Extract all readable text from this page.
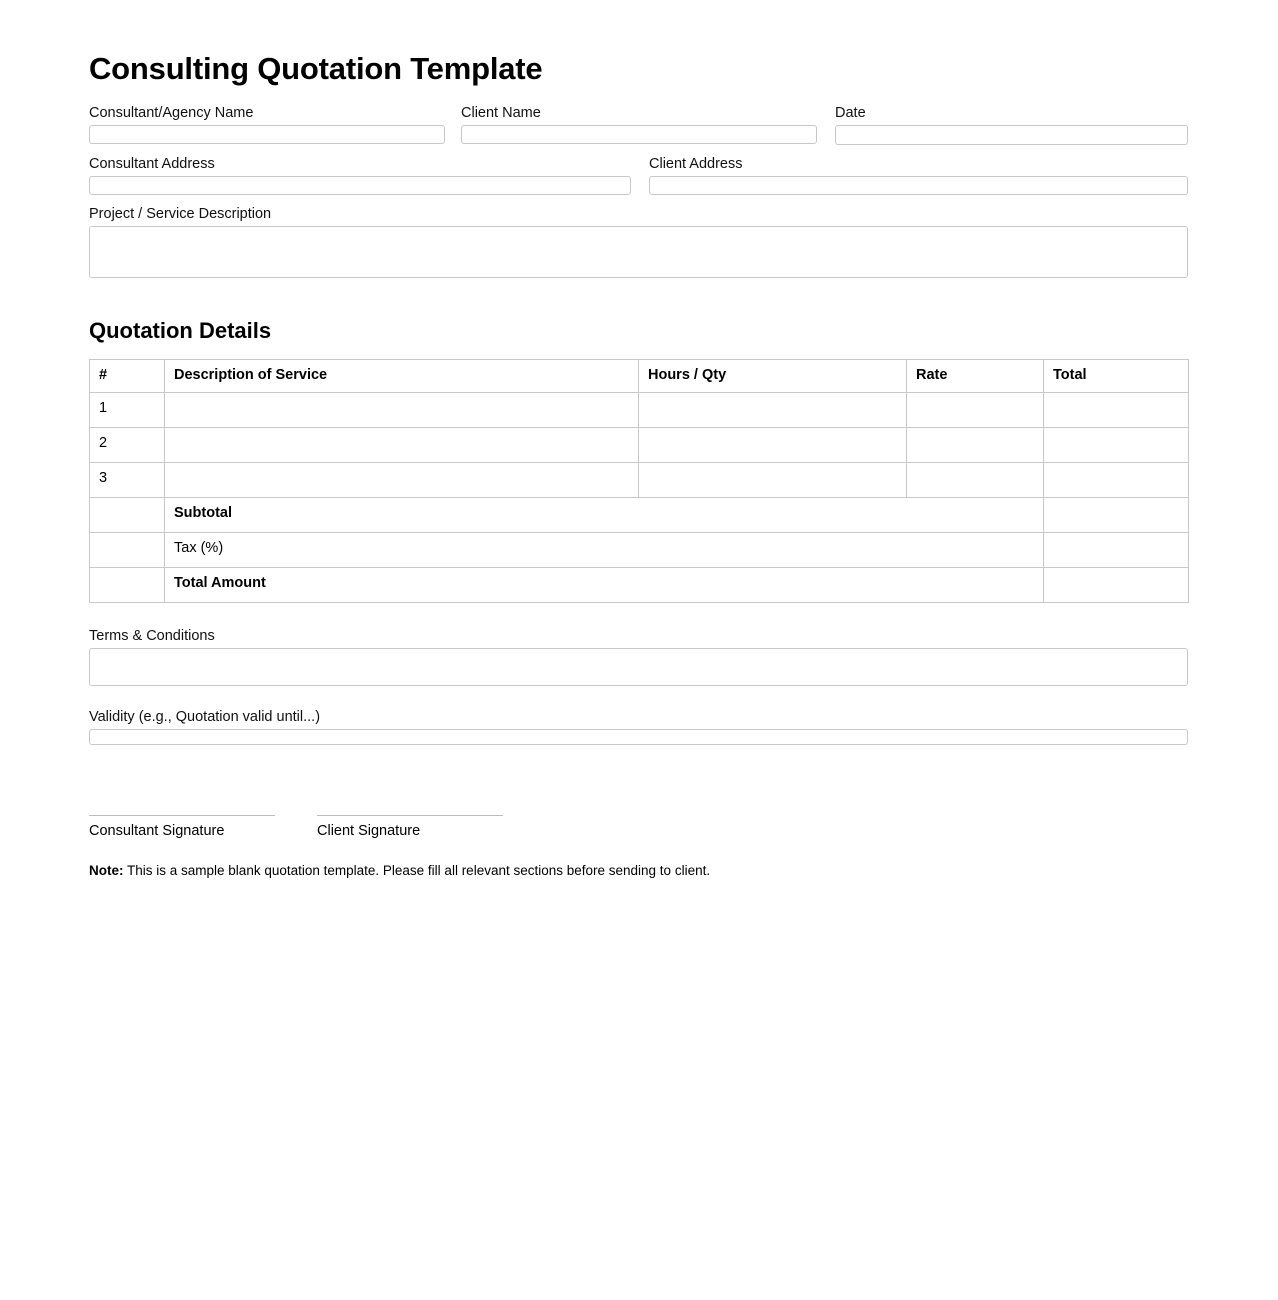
Consulting Quotation Template
Consultant/Agency Name	Client Name	Date
Consultant Address	Client Address
Project / Service Description
Quotation Details
#	Description of Service	Hours / Qty	Rate	Total
1				
2				
3				
	Subtotal			
	Tax (%)			
	Total Amount			
Terms & Conditions
Validity (e.g., Quotation valid until...)
Consultant Signature	Client Signature
Note: This is a sample blank quotation template. Please fill all relevant sections before sending to client.
